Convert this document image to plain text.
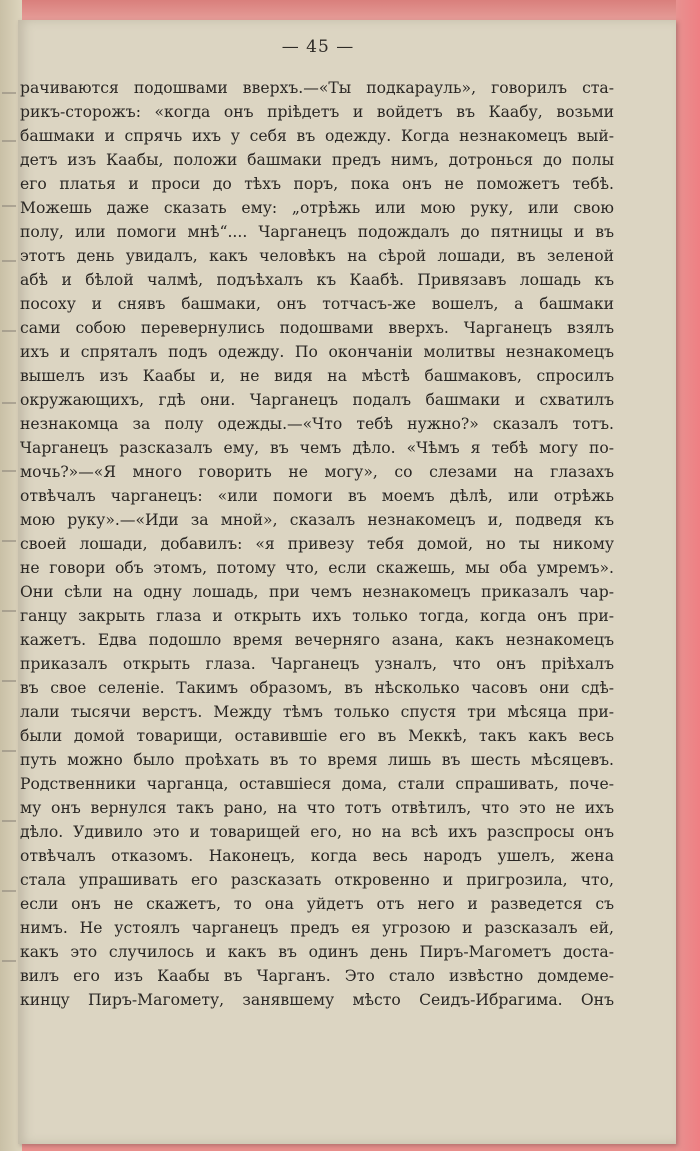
— 45 —
рачиваются подошвами вверхъ.—«Ты подкарауль», говорилъ ста-
рикъ-сторожъ: «когда онъ прiѣдетъ и войдетъ въ Каабу, возьми
башмаки и спрячь ихъ у себя въ одежду. Когда незнакомецъ вый-
детъ изъ Каабы, положи башмаки предъ нимъ, дотронься до полы
его платья и проси до тѣхъ поръ, пока онъ не поможетъ тебѣ.
Можешь даже сказать ему: „отрѣжь или мою руку, или свою
полу, или помоги мнѣ“.... Чарганецъ подождалъ до пятницы и въ
этотъ день увидалъ, какъ человѣкъ на сѣрой лошади, въ зеленой
абѣ и бѣлой чалмѣ, подъѣхалъ къ Каабѣ. Привязавъ лошадь къ
посоху и снявъ башмаки, онъ тотчасъ-же вошелъ, а башмаки
сами собою перевернулись подошвами вверхъ. Чарганецъ взялъ
ихъ и спряталъ подъ одежду. По окончанiи молитвы незнакомецъ
вышелъ изъ Каабы и, не видя на мѣстѣ башмаковъ, спросилъ
окружающихъ, гдѣ они. Чарганецъ подалъ башмаки и схватилъ
незнакомца за полу одежды.—«Что тебѣ нужно?» сказалъ тотъ.
Чарганецъ разсказалъ ему, въ чемъ дѣло. «Чѣмъ я тебѣ могу по-
мочь?»—«Я много говорить не могу», со слезами на глазахъ
отвѣчалъ чарганецъ: «или помоги въ моемъ дѣлѣ, или отрѣжь
мою руку».—«Иди за мной», сказалъ незнакомецъ и, подведя къ
своей лошади, добавилъ: «я привезу тебя домой, но ты никому
не говори объ этомъ, потому что, если скажешь, мы оба умремъ».
Они сѣли на одну лошадь, при чемъ незнакомецъ приказалъ чар-
ганцу закрыть глаза и открыть ихъ только тогда, когда онъ при-
кажетъ. Едва подошло время вечерняго азана, какъ незнакомецъ
приказалъ открыть глаза. Чарганецъ узналъ, что онъ прiѣхалъ
въ свое селенiе. Такимъ образомъ, въ нѣсколько часовъ они сдѣ-
лали тысячи верстъ. Между тѣмъ только спустя три мѣсяца при-
были домой товарищи, оставившiе его въ Меккѣ, такъ какъ весь
путь можно было проѣхать въ то время лишь въ шесть мѣсяцевъ.
Родственники чарганца, оставшiеся дома, стали спрашивать, поче-
му онъ вернулся такъ рано, на что тотъ отвѣтилъ, что это не ихъ
дѣло. Удивило это и товарищей его, но на всѣ ихъ разспросы онъ
отвѣчалъ отказомъ. Наконецъ, когда весь народъ ушелъ, жена
стала упрашивать его разсказать откровенно и пригрозила, что,
если онъ не скажетъ, то она уйдетъ отъ него и разведется съ
нимъ. Не устоялъ чарганецъ предъ ея угрозою и разсказалъ ей,
какъ это случилось и какъ въ одинъ день Пиръ-Магометъ доста-
вилъ его изъ Каабы въ Чарганъ. Это стало извѣстно домдемe-
кинцу Пиръ-Магомету, занявшему мѣсто Сеидъ-Ибрагима. Онъ
